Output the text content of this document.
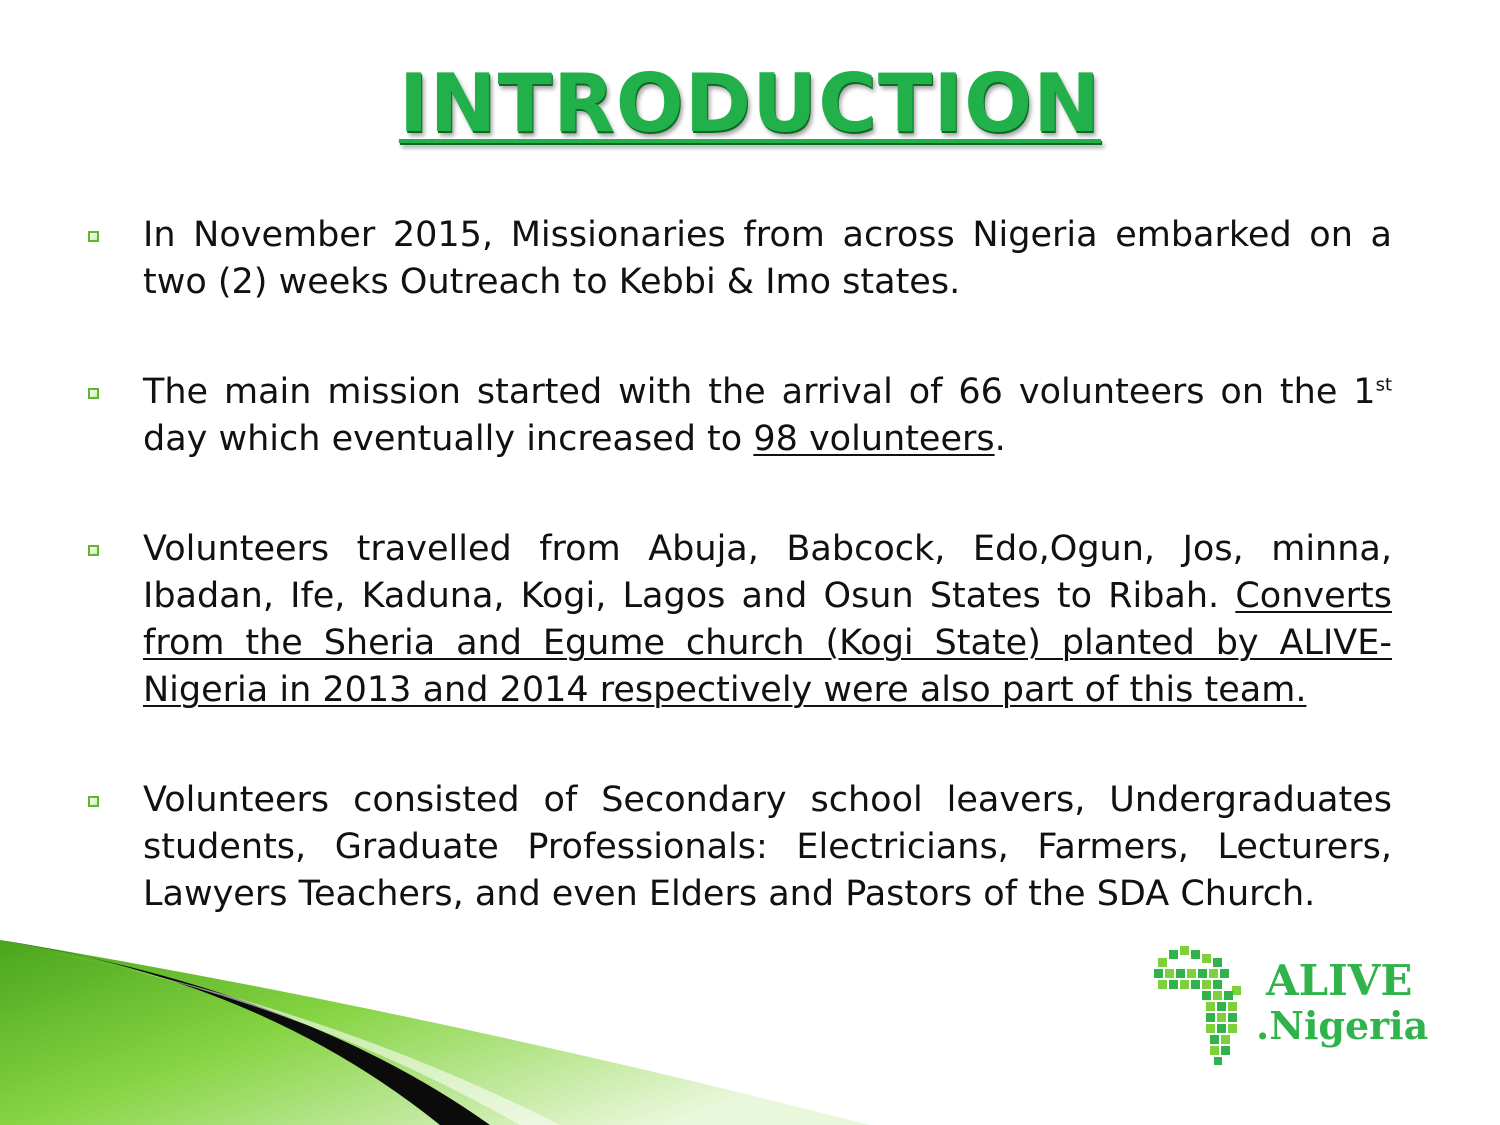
INTRODUCTION
In November 2015, Missionaries from across Nigeria embarked on a two (2) weeks Outreach to Kebbi & Imo states.
The main mission started with the arrival of 66 volunteers on the 1st day which eventually increased to 98 volunteers.
Volunteers travelled from Abuja, Babcock, Edo,Ogun, Jos, minna, Ibadan, Ife, Kaduna, Kogi, Lagos and Osun States to Ribah. Converts from the Sheria and Egume church (Kogi State) planted by ALIVE-Nigeria in 2013 and 2014 respectively were also part of this team.
Volunteers consisted of Secondary school leavers, Undergraduates students, Graduate Professionals: Electricians, Farmers, Lecturers, Lawyers Teachers, and even Elders and Pastors of the SDA Church.
ALIVE
.Nigeria
